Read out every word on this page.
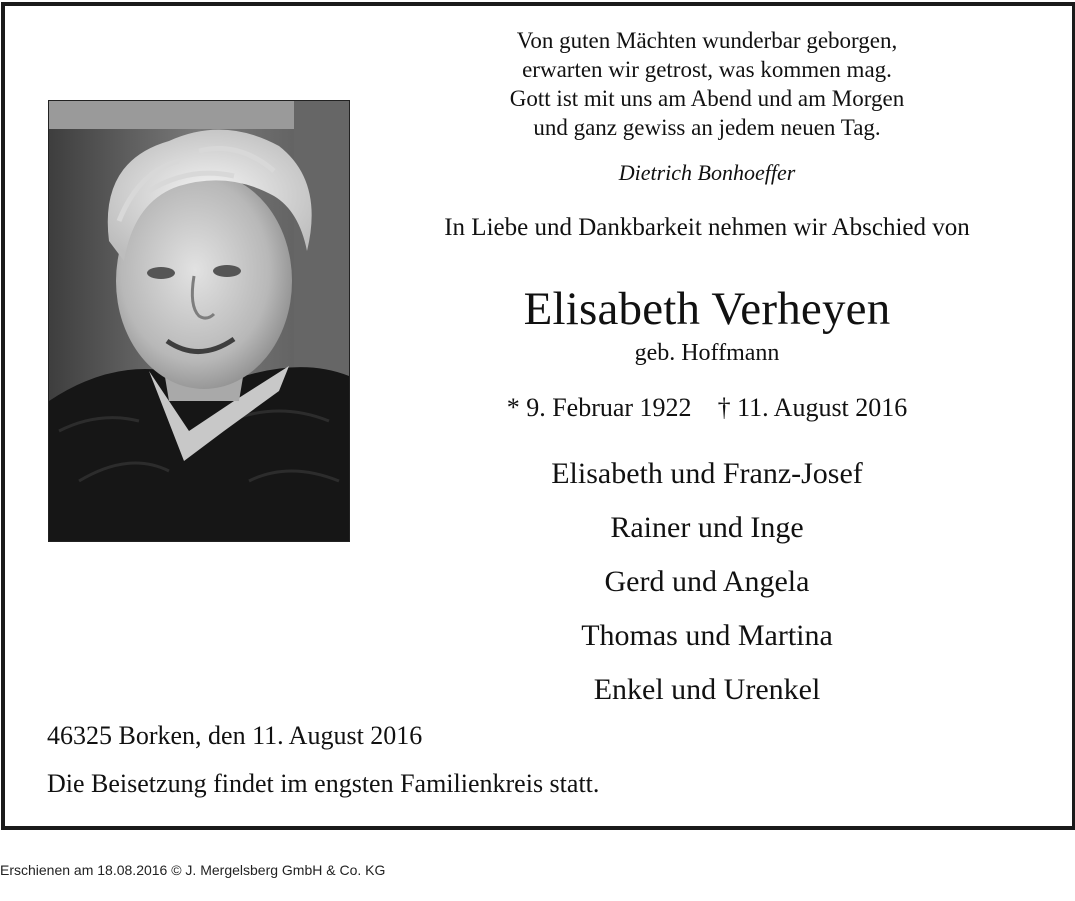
Von guten Mächten wunderbar geborgen,
erwarten wir getrost, was kommen mag.
Gott ist mit uns am Abend und am Morgen
und ganz gewiss an jedem neuen Tag.
Dietrich Bonhoeffer
In Liebe und Dankbarkeit nehmen wir Abschied von
Elisabeth Verheyen
geb. Hoffmann
* 9. Februar 1922 † 11. August 2016
Elisabeth und Franz-Josef
Rainer und Inge
Gerd und Angela
Thomas und Martina
Enkel und Urenkel
46325 Borken, den 11. August 2016
Die Beisetzung findet im engsten Familienkreis statt.
Erschienen am 18.08.2016 © J. Mergelsberg GmbH & Co. KG
